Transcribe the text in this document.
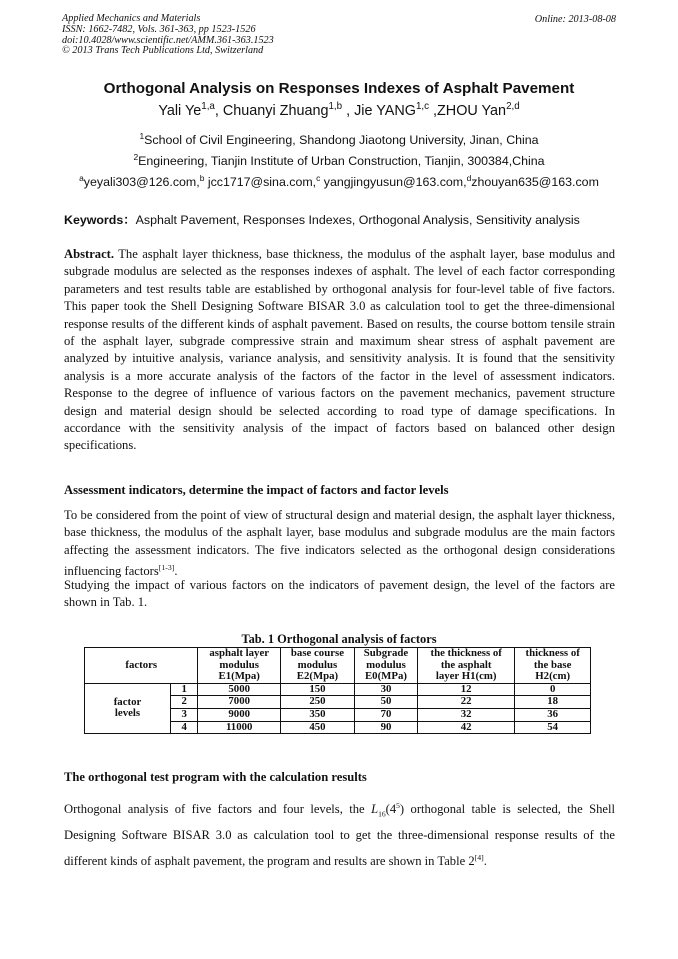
Applied Mechanics and Materials
ISSN: 1662-7482, Vols. 361-363, pp 1523-1526
doi:10.4028/www.scientific.net/AMM.361-363.1523
© 2013 Trans Tech Publications Ltd, Switzerland
Online: 2013-08-08
Orthogonal Analysis on Responses Indexes of Asphalt Pavement
Yali Ye$^{1,a}$, Chuanyi Zhuang$^{1,b}$ , Jie YANG$^{1,c}$ ,ZHOU Yan$^{2,d}$
$^1$School of Civil Engineering, Shandong Jiaotong University, Jinan, China
$^2$Engineering, Tianjin Institute of Urban Construction, Tianjin, 300384,China
$^a$yeyali303@126.com,$^b$ jcc1717@sina.com,$^c$ yangjingyusun@163.com,$^d$zhouyan635@163.com
Keywords：Asphalt Pavement, Responses Indexes, Orthogonal Analysis, Sensitivity analysis
Abstract. The asphalt layer thickness, base thickness, the modulus of the asphalt layer, base modulus and subgrade modulus are selected as the responses indexes of asphalt. The level of each factor corresponding parameters and test results table are established by orthogonal analysis for four-level table of five factors. This paper took the Shell Designing Software BISAR 3.0 as calculation tool to get the three-dimensional response results of the different kinds of asphalt pavement. Based on results, the course bottom tensile strain of the asphalt layer, subgrade compressive strain and maximum shear stress of asphalt pavement are analyzed by intuitive analysis, variance analysis, and sensitivity analysis. It is found that the sensitivity analysis is a more accurate analysis of the factors of the factor in the level of assessment indicators. Response to the degree of influence of various factors on the pavement mechanics, pavement structure design and material design should be selected according to road type of damage specifications. In accordance with the sensitivity analysis of the impact of factors based on balanced other design specifications.
Assessment indicators, determine the impact of factors and factor levels
To be considered from the point of view of structural design and material design, the asphalt layer thickness, base thickness, the modulus of the asphalt layer, base modulus and subgrade modulus are the main factors affecting the assessment indicators. The five indicators selected as the orthogonal design considerations influencing factors[1-3].
Studying the impact of various factors on the indicators of pavement design, the level of the factors are shown in Tab. 1.
Tab. 1 Orthogonal analysis of factors
factors		asphalt layer
modulus
E1(Mpa)	base course
modulus
E2(Mpa)	Subgrade
modulus
E0(MPa)	the thickness of
the asphalt
layer H1(cm)	thickness of
the base
H2(cm)
factor
levels	1	5000	150	30	12	0
	2	7000	250	50	22	18
	3	9000	350	70	32	36
	4	11000	450	90	42	54
The orthogonal test program with the calculation results
Orthogonal analysis of five factors and four levels, the $L_{16}(4^5)$ orthogonal table is selected, the Shell Designing Software BISAR 3.0 as calculation tool to get the three-dimensional response results of the different kinds of asphalt pavement, the program and results are shown in Table 2[4].
